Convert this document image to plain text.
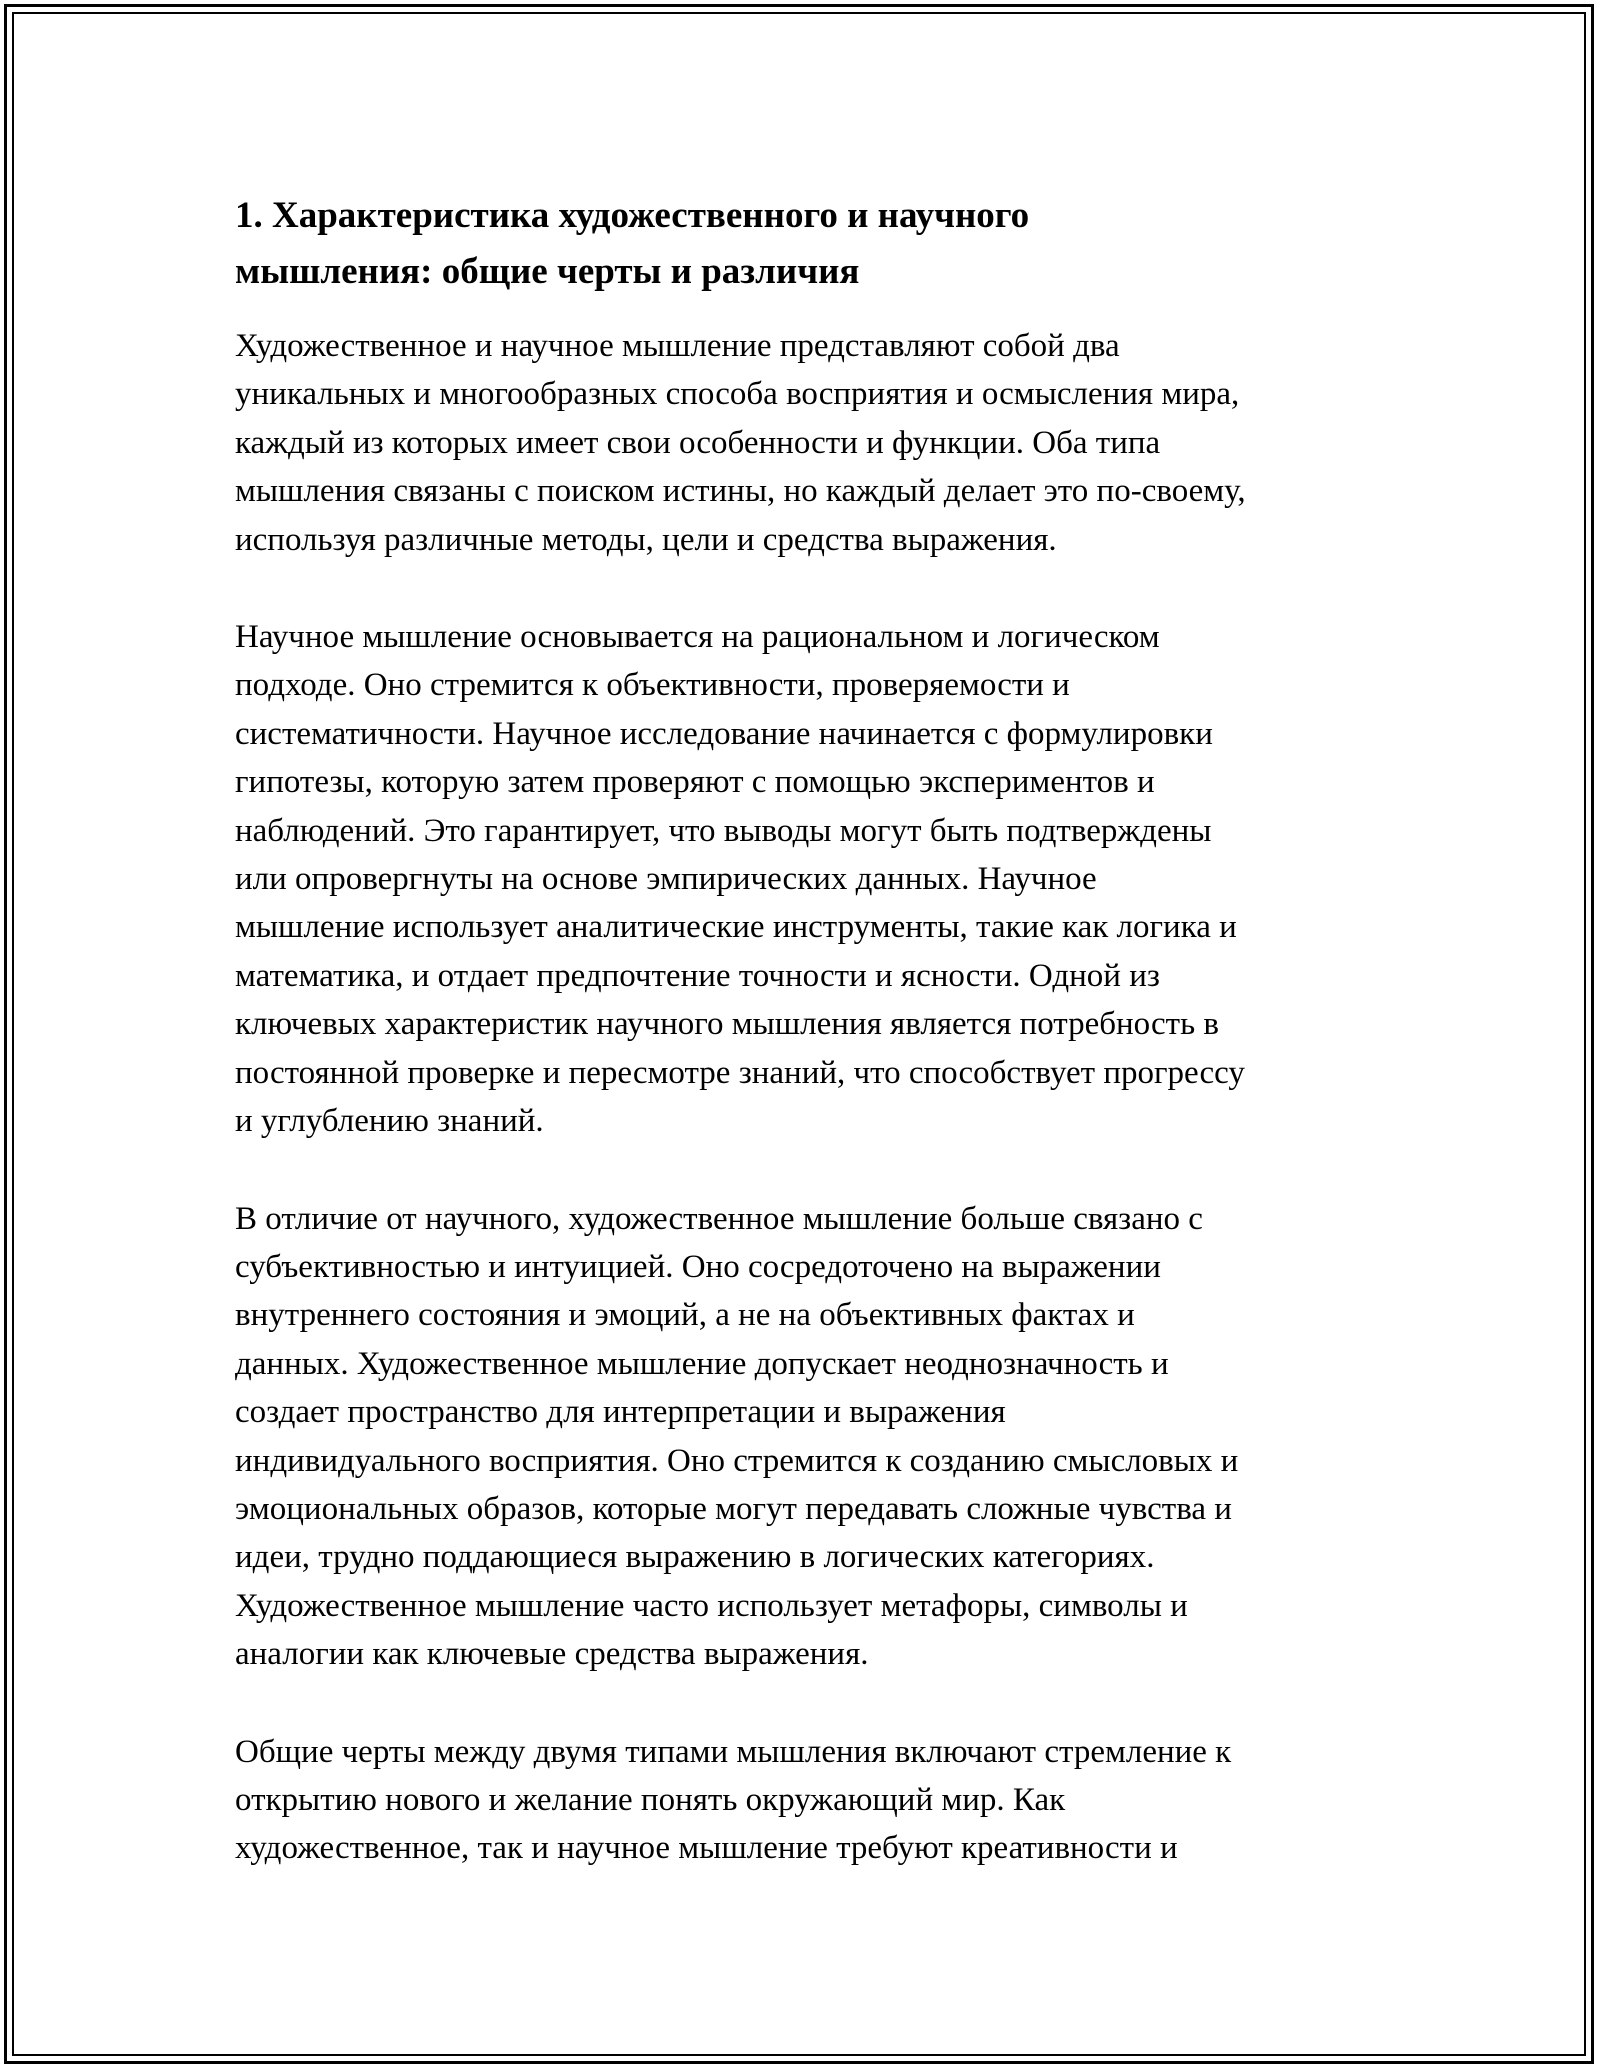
1. Характеристика художественного и научного
мышления: общие черты и различия

Художественное и научное мышление представляют собой два
уникальных и многообразных способа восприятия и осмысления мира,
каждый из которых имеет свои особенности и функции. Оба типа
мышления связаны с поиском истины, но каждый делает это по-своему,
используя различные методы, цели и средства выражения.

Научное мышление основывается на рациональном и логическом
подходе. Оно стремится к объективности, проверяемости и
систематичности. Научное исследование начинается с формулировки
гипотезы, которую затем проверяют с помощью экспериментов и
наблюдений. Это гарантирует, что выводы могут быть подтверждены
или опровергнуты на основе эмпирических данных. Научное
мышление использует аналитические инструменты, такие как логика и
математика, и отдает предпочтение точности и ясности. Одной из
ключевых характеристик научного мышления является потребность в
постоянной проверке и пересмотре знаний, что способствует прогрессу
и углублению знаний.

В отличие от научного, художественное мышление больше связано с
субъективностью и интуицией. Оно сосредоточено на выражении
внутреннего состояния и эмоций, а не на объективных фактах и
данных. Художественное мышление допускает неоднозначность и
создает пространство для интерпретации и выражения
индивидуального восприятия. Оно стремится к созданию смысловых и
эмоциональных образов, которые могут передавать сложные чувства и
идеи, трудно поддающиеся выражению в логических категориях.
Художественное мышление часто использует метафоры, символы и
аналогии как ключевые средства выражения.

Общие черты между двумя типами мышления включают стремление к
открытию нового и желание понять окружающий мир. Как
художественное, так и научное мышление требуют креативности и
